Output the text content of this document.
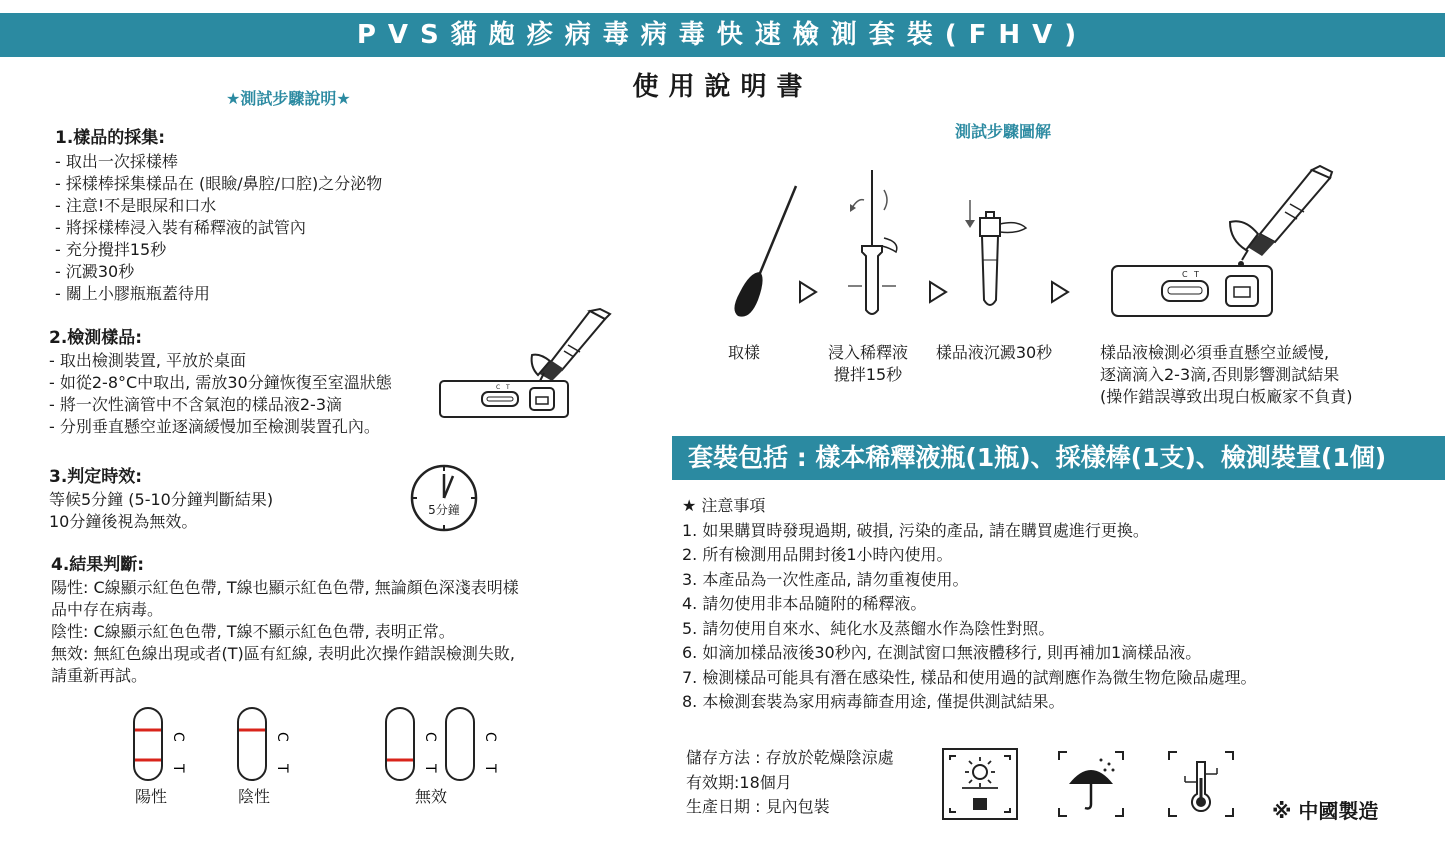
PVS貓皰疹病毒病毒快速檢測套裝(FHV)
使用說明書
★測試步驟說明★
1.樣品的採集:
- 取出一次採樣棒
- 採樣棒採集樣品在 (眼瞼/鼻腔/口腔)之分泌物
- 注意!不是眼屎和口水
- 將採樣棒浸入裝有稀釋液的試管內
- 充分攪拌15秒
- 沉澱30秒
- 關上小膠瓶瓶蓋待用
2.檢測樣品:
- 取出檢測裝置, 平放於桌面
- 如從2-8°C中取出, 需放30分鐘恢復至室溫狀態
- 將一次性滴管中不含氣泡的樣品液2-3滴
- 分別垂直懸空並逐滴緩慢加至檢測裝置孔內。
C T
3.判定時效:
等候5分鐘 (5-10分鐘判斷結果)
10分鐘後視為無效。
5分鐘
4.結果判斷:
陽性: C線顯示紅色色帶, T線也顯示紅色色帶, 無論顏色深淺表明樣
品中存在病毒。
陰性: C線顯示紅色色帶, T線不顯示紅色色帶, 表明正常。
無效: 無紅色線出現或者(T)區有紅線, 表明此次操作錯誤檢測失敗,
請重新再試。
C
T
C
T
C
T
C
T
陽性	陰性	無效
測試步驟圖解
C T
取樣	浸入稀釋液
攪拌15秒
樣品液沉澱30秒	樣品液檢測必須垂直懸空並緩慢,
逐滴滴入2-3滴,否則影響測試結果
(操作錯誤導致出現白板廠家不負責)
套裝包括 : 樣本稀釋液瓶(1瓶)、採樣棒(1支)、檢測裝置(1個)
★ 注意事項
1. 如果購買時發現過期, 破損, 污染的產品, 請在購買處進行更換。
2. 所有檢測用品開封後1小時內使用。
3. 本產品為一次性產品, 請勿重複使用。
4. 請勿使用非本品隨附的稀釋液。
5. 請勿使用自來水、純化水及蒸餾水作為陰性對照。
6. 如滴加樣品液後30秒內, 在測試窗口無液體移行, 則再補加1滴樣品液。
7. 檢測樣品可能具有潛在感染性, 樣品和使用過的試劑應作為微生物危險品處理。
8. 本檢測套裝為家用病毒篩查用途, 僅提供測試結果。
儲存方法 : 存放於乾燥陰涼處
有效期:18個月
生產日期 : 見內包裝	※ 中國製造
